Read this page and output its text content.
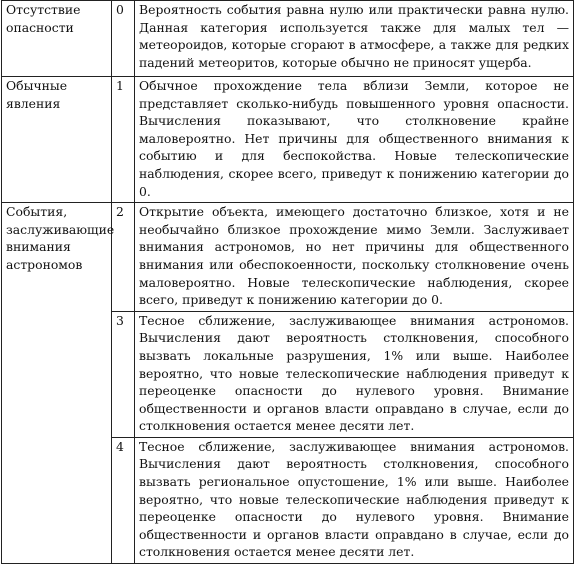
Отсутствие опасности	0	Вероятность события равна нулю или практически равна нулю. Данная категория используется также для малых тел — метеороидов, которые сгорают в атмосфере, а также для редких падений метеоритов, которые обычно не приносят ущерба.

Обычные явления	1	Обычное прохождение тела вблизи Земли, которое не представляет сколько-нибудь повышенного уровня опасности. Вычисления показывают, что столкновение крайне маловероятно. Нет причины для общественного внимания к событию и для беспокойства. Новые телескопические наблюдения, скорее всего, приведут к понижению категории до 0.

События, заслуживающие внимания астрономов	2	Открытие объекта, имеющего достаточно близкое, хотя и не необычайно близкое прохождение мимо Земли. Заслуживает внимания астрономов, но нет причины для общественного внимания или обеспокоенности, поскольку столкновение очень маловероятно. Новые телескопические наблюдения, скорее всего, приведут к понижению категории до 0.

	3	Тесное сближение, заслуживающее внимания астрономов. Вычисления дают вероятность столкновения, способного вызвать локальные разрушения, 1% или выше. Наиболее вероятно, что новые телескопические наблюдения приведут к переоценке опасности до нулевого уровня. Внимание общественности и органов власти оправдано в случае, если до столкновения остается менее десяти лет.

	4	Тесное сближение, заслуживающее внимания астрономов. Вычисления дают вероятность столкновения, способного вызвать региональное опустошение, 1% или выше. Наиболее вероятно, что новые телескопические наблюдения приведут к переоценке опасности до нулевого уровня. Внимание общественности и органов власти оправдано в случае, если до столкновения остается менее десяти лет.
